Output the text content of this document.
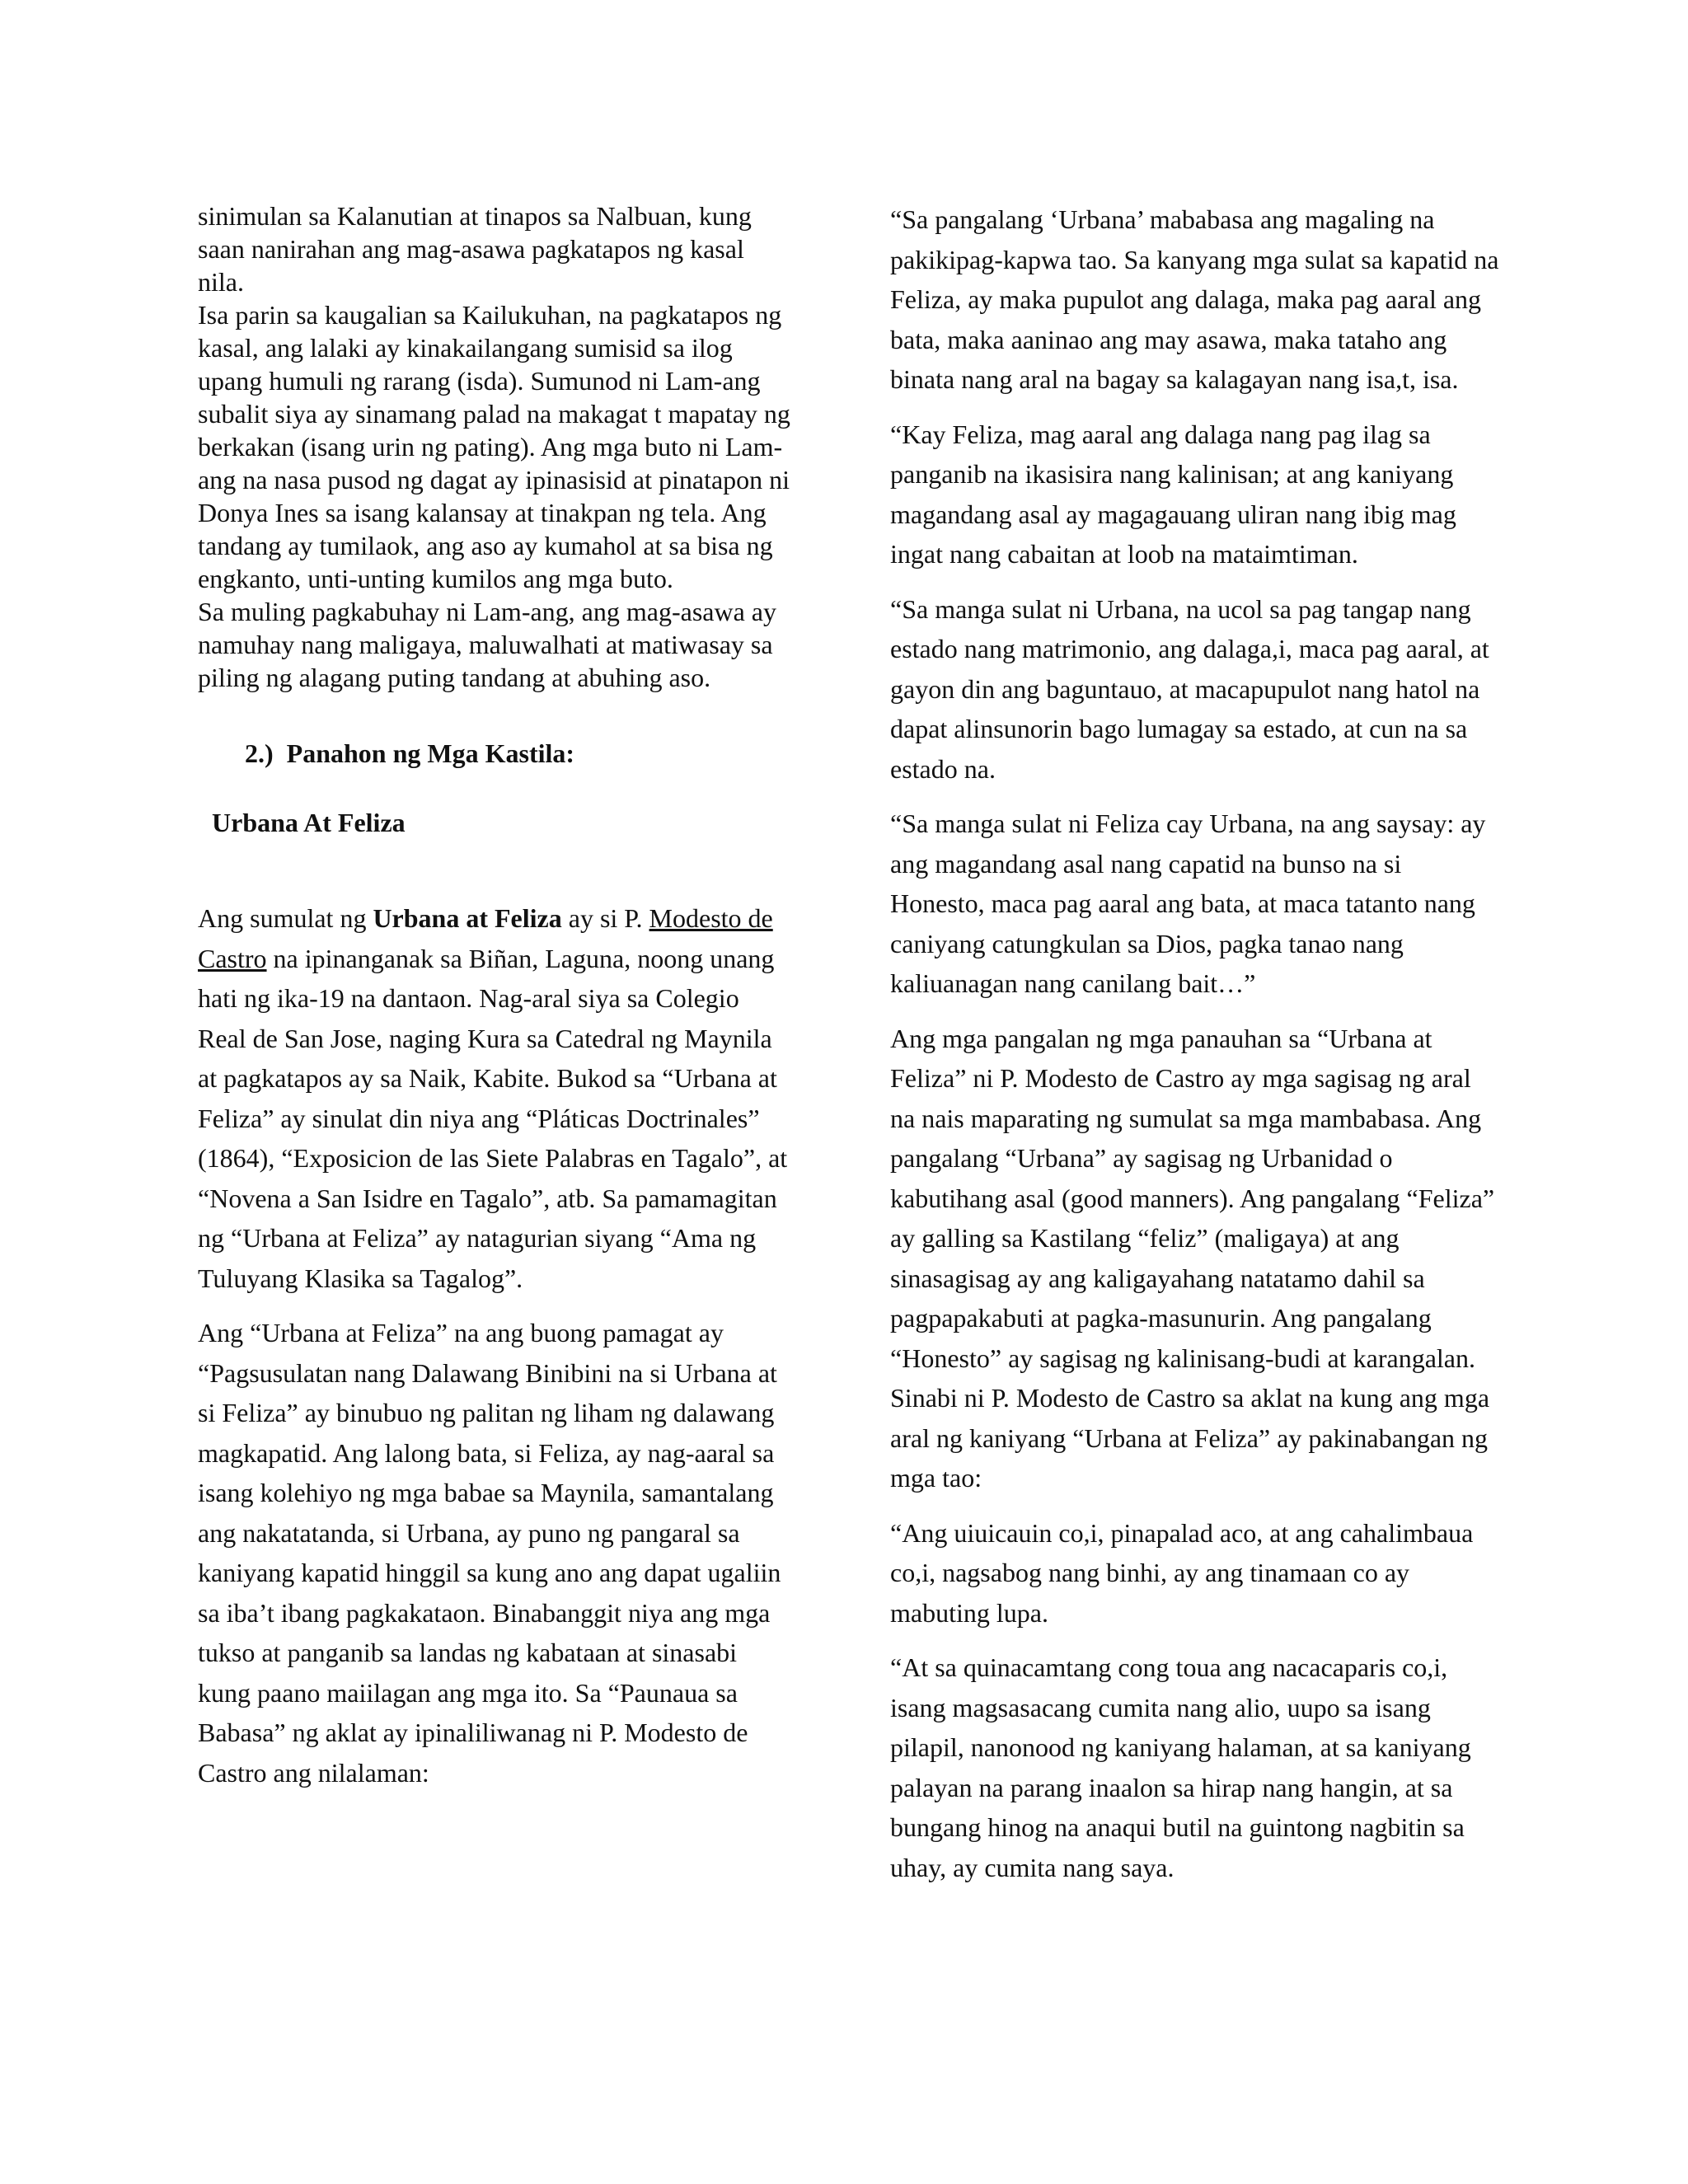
sinimulan sa Kalanutian at tinapos sa Nalbuan, kung saan nanirahan ang mag-asawa pagkatapos ng kasal nila.

Isa parin sa kaugalian sa Kailukuhan, na pagkatapos ng kasal, ang lalaki ay kinakailangang sumisid sa ilog upang humuli ng rarang (isda). Sumunod ni Lam-ang subalit siya ay sinamang palad na makagat t mapatay ng berkakan (isang urin ng pating). Ang mga buto ni Lam-ang na nasa pusod ng dagat ay ipinasisid at pinatapon ni Donya Ines sa isang kalansay at tinakpan ng tela. Ang tandang ay tumilaok, ang aso ay kumahol at sa bisa ng engkanto, unti-unting kumilos ang mga buto.

Sa muling pagkabuhay ni Lam-ang, ang mag-asawa ay namuhay nang maligaya, maluwalhati at matiwasay sa piling ng alagang puting tandang at abuhing aso.

2.) Panahon ng Mga Kastila:

Urbana At Feliza

Ang sumulat ng Urbana at Feliza ay si P. Modesto de Castro na ipinanganak sa Biñan, Laguna, noong unang hati ng ika-19 na dantaon. Nag-aral siya sa Colegio Real de San Jose, naging Kura sa Catedral ng Maynila at pagkatapos ay sa Naik, Kabite. Bukod sa “Urbana at Feliza” ay sinulat din niya ang “Pláticas Doctrinales” (1864), “Exposicion de las Siete Palabras en Tagalo”, at “Novena a San Isidre en Tagalo”, atb. Sa pamamagitan ng “Urbana at Feliza” ay natagurian siyang “Ama ng Tuluyang Klasika sa Tagalog”.

Ang “Urbana at Feliza” na ang buong pamagat ay “Pagsusulatan nang Dalawang Binibini na si Urbana at si Feliza” ay binubuo ng palitan ng liham ng dalawang magkapatid. Ang lalong bata, si Feliza, ay nag-aaral sa isang kolehiyo ng mga babae sa Maynila, samantalang ang nakatatanda, si Urbana, ay puno ng pangaral sa kaniyang kapatid hinggil sa kung ano ang dapat ugaliin sa iba’t ibang pagkakataon. Binabanggit niya ang mga tukso at panganib sa landas ng kabataan at sinasabi kung paano maiilagan ang mga ito. Sa “Paunaua sa Babasa” ng aklat ay ipinaliliwanag ni P. Modesto de Castro ang nilalaman:

“Sa pangalang ‘Urbana’ mababasa ang magaling na pakikipag-kapwa tao. Sa kanyang mga sulat sa kapatid na Feliza, ay maka pupulot ang dalaga, maka pag aaral ang bata, maka aaninao ang may asawa, maka tataho ang binata nang aral na bagay sa kalagayan nang isa,t, isa.

“Kay Feliza, mag aaral ang dalaga nang pag ilag sa panganib na ikasisira nang kalinisan; at ang kaniyang magandang asal ay magagauang uliran nang ibig mag ingat nang cabaitan at loob na mataimtiman.

“Sa manga sulat ni Urbana, na ucol sa pag tangap nang estado nang matrimonio, ang dalaga,i, maca pag aaral, at gayon din ang baguntauo, at macapupulot nang hatol na dapat alinsunorin bago lumagay sa estado, at cun na sa estado na.

“Sa manga sulat ni Feliza cay Urbana, na ang saysay: ay ang magandang asal nang capatid na bunso na si Honesto, maca pag aaral ang bata, at maca tatanto nang caniyang catungkulan sa Dios, pagka tanao nang kaliuanagan nang canilang bait…”

Ang mga pangalan ng mga panauhan sa “Urbana at Feliza” ni P. Modesto de Castro ay mga sagisag ng aral na nais maparating ng sumulat sa mga mambabasa. Ang pangalang “Urbana” ay sagisag ng Urbanidad o kabutihang asal (good manners). Ang pangalang “Feliza” ay galling sa Kastilang “feliz” (maligaya) at ang sinasagisag ay ang kaligayahang natatamo dahil sa pagpapakabuti at pagka-masunurin. Ang pangalang “Honesto” ay sagisag ng kalinisang-budi at karangalan. Sinabi ni P. Modesto de Castro sa aklat na kung ang mga aral ng kaniyang “Urbana at Feliza” ay pakinabangan ng mga tao:

“Ang uiuicauin co,i, pinapalad aco, at ang cahalimbaua co,i, nagsabog nang binhi, ay ang tinamaan co ay mabuting lupa.

“At sa quinacamtang cong toua ang nacacaparis co,i, isang magsasacang cumita nang alio, uupo sa isang pilapil, nanonood ng kaniyang halaman, at sa kaniyang palayan na parang inaalon sa hirap nang hangin, at sa bungang hinog na anaqui butil na guintong nagbitin sa uhay, ay cumita nang saya.
